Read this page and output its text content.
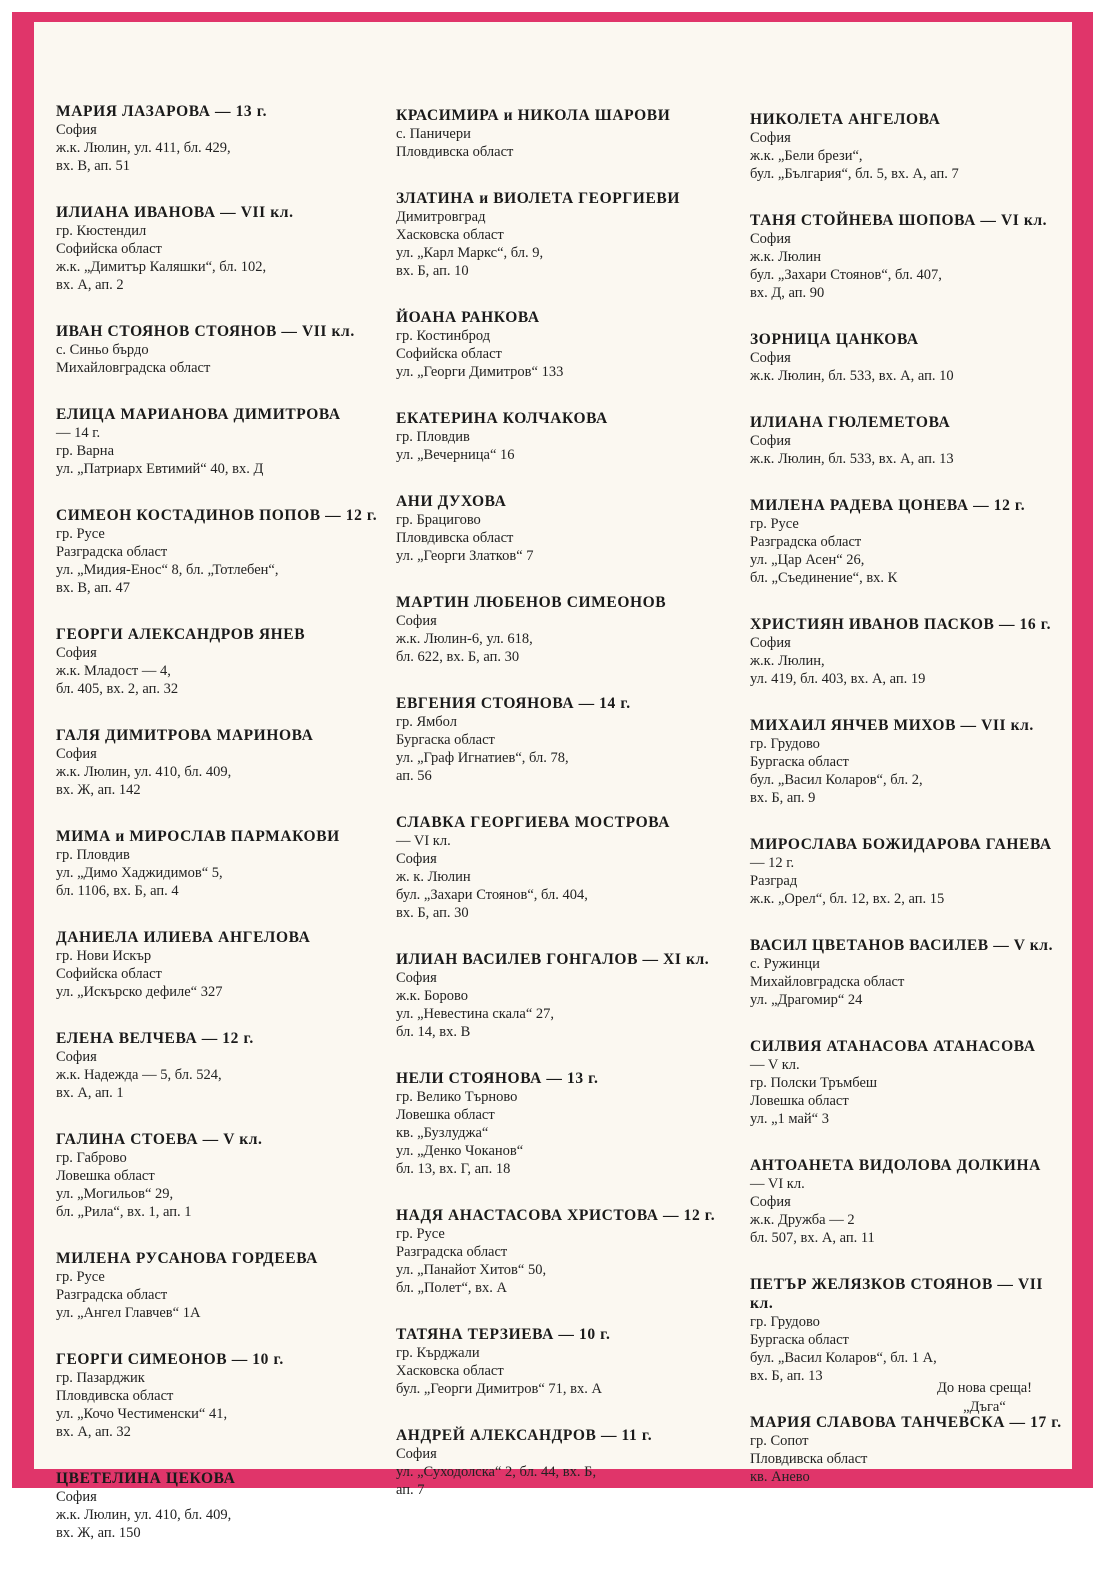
МАРИЯ ЛАЗАРОВА — 13 г.
София
ж.к. Люлин, ул. 411, бл. 429,
вх. В, ап. 51
ИЛИАНА ИВАНОВА — VII кл.
гр. Кюстендил
Софийска област
ж.к. „Димитър Каляшки“, бл. 102,
вх. А, ап. 2
ИВАН СТОЯНОВ СТОЯНОВ — VII кл.
с. Синьо бърдо
Михайловградска област
ЕЛИЦА МАРИАНОВА ДИМИТРОВА
— 14 г.
гр. Варна
ул. „Патриарх Евтимий“ 40, вх. Д
СИМЕОН КОСТАДИНОВ ПОПОВ — 12 г.
гр. Русе
Разградска област
ул. „Мидия-Енос“ 8, бл. „Тотлебен“,
вх. В, ап. 47
ГЕОРГИ АЛЕКСАНДРОВ ЯНЕВ
София
ж.к. Младост — 4,
бл. 405, вх. 2, ап. 32
ГАЛЯ ДИМИТРОВА МАРИНОВА
София
ж.к. Люлин, ул. 410, бл. 409,
вх. Ж, ап. 142
МИМА и МИРОСЛАВ ПАРМАКОВИ
гр. Пловдив
ул. „Димо Хаджидимов“ 5,
бл. 1106, вх. Б, ап. 4
ДАНИЕЛА ИЛИЕВА АНГЕЛОВА
гр. Нови Искър
Софийска област
ул. „Искърско дефиле“ 327
ЕЛЕНА ВЕЛЧЕВА — 12 г.
София
ж.к. Надежда — 5, бл. 524,
вх. А, ап. 1
ГАЛИНА СТОЕВА — V кл.
гр. Габрово
Ловешка област
ул. „Могильов“ 29,
бл. „Рила“, вх. 1, ап. 1
МИЛЕНА РУСАНОВА ГОРДЕЕВА
гр. Русе
Разградска област
ул. „Ангел Главчев“ 1А
ГЕОРГИ СИМЕОНОВ — 10 г.
гр. Пазарджик
Пловдивска област
ул. „Кочо Честименски“ 41,
вх. А, ап. 32
ЦВЕТЕЛИНА ЦЕКОВА
София
ж.к. Люлин, ул. 410, бл. 409,
вх. Ж, ап. 150
КРАСИМИРА и НИКОЛА ШАРОВИ
с. Паничери
Пловдивска област
ЗЛАТИНА и ВИОЛЕТА ГЕОРГИЕВИ
Димитровград
Хасковска област
ул. „Карл Маркс“, бл. 9,
вх. Б, ап. 10
ЙОАНА РАНКОВА
гр. Костинброд
Софийска област
ул. „Георги Димитров“ 133
ЕКАТЕРИНА КОЛЧАКОВА
гр. Пловдив
ул. „Вечерница“ 16
АНИ ДУХОВА
гр. Брацигово
Пловдивска област
ул. „Георги Златков“ 7
МАРТИН ЛЮБЕНОВ СИМЕОНОВ
София
ж.к. Люлин-6, ул. 618,
бл. 622, вх. Б, ап. 30
ЕВГЕНИЯ СТОЯНОВА — 14 г.
гр. Ямбол
Бургаска област
ул. „Граф Игнатиев“, бл. 78,
ап. 56
СЛАВКА ГЕОРГИЕВА МОСТРОВА
— VI кл.
София
ж. к. Люлин
бул. „Захари Стоянов“, бл. 404,
вх. Б, ап. 30
ИЛИАН ВАСИЛЕВ ГОНГАЛОВ — XI кл.
София
ж.к. Борово
ул. „Невестина скала“ 27,
бл. 14, вх. В
НЕЛИ СТОЯНОВА — 13 г.
гр. Велико Търново
Ловешка област
кв. „Бузлуджа“
ул. „Денко Чоканов“
бл. 13, вх. Г, ап. 18
НАДЯ АНАСТАСОВА ХРИСТОВА — 12 г.
гр. Русе
Разградска област
ул. „Панайот Хитов“ 50,
бл. „Полет“, вх. А
ТАТЯНА ТЕРЗИЕВА — 10 г.
гр. Кърджали
Хасковска област
бул. „Георги Димитров“ 71, вх. А
АНДРЕЙ АЛЕКСАНДРОВ — 11 г.
София
ул. „Суходолска“ 2, бл. 44, вх. Б,
ап. 7
НИКОЛЕТА АНГЕЛОВА
София
ж.к. „Бели брези“,
бул. „България“, бл. 5, вх. А, ап. 7
ТАНЯ СТОЙНЕВА ШОПОВА — VI кл.
София
ж.к. Люлин
бул. „Захари Стоянов“, бл. 407,
вх. Д, ап. 90
ЗОРНИЦА ЦАНКОВА
София
ж.к. Люлин, бл. 533, вх. А, ап. 10
ИЛИАНА ГЮЛЕМЕТОВА
София
ж.к. Люлин, бл. 533, вх. А, ап. 13
МИЛЕНА РАДЕВА ЦОНЕВА — 12 г.
гр. Русе
Разградска област
ул. „Цар Асен“ 26,
бл. „Съединение“, вх. К
ХРИСТИЯН ИВАНОВ ПАСКОВ — 16 г.
София
ж.к. Люлин,
ул. 419, бл. 403, вх. А, ап. 19
МИХАИЛ ЯНЧЕВ МИХОВ — VII кл.
гр. Грудово
Бургаска област
бул. „Васил Коларов“, бл. 2,
вх. Б, ап. 9
МИРОСЛАВА БОЖИДАРОВА ГАНЕВА
— 12 г.
Разград
ж.к. „Орел“, бл. 12, вх. 2, ап. 15
ВАСИЛ ЦВЕТАНОВ ВАСИЛЕВ — V кл.
с. Ружинци
Михайловградска област
ул. „Драгомир“ 24
СИЛВИЯ АТАНАСОВА АТАНАСОВА
— V кл.
гр. Полски Тръмбеш
Ловешка област
ул. „1 май“ 3
АНТОАНЕТА ВИДОЛОВА ДОЛКИНА
— VI кл.
София
ж.к. Дружба — 2
бл. 507, вх. А, ап. 11
ПЕТЪР ЖЕЛЯЗКОВ СТОЯНОВ — VII кл.
гр. Грудово
Бургаска област
бул. „Васил Коларов“, бл. 1 А,
вх. Б, ап. 13
МАРИЯ СЛАВОВА ТАНЧЕВСКА — 17 г.
гр. Сопот
Пловдивска област
кв. Анево
До нова среща!
„Дъга“
